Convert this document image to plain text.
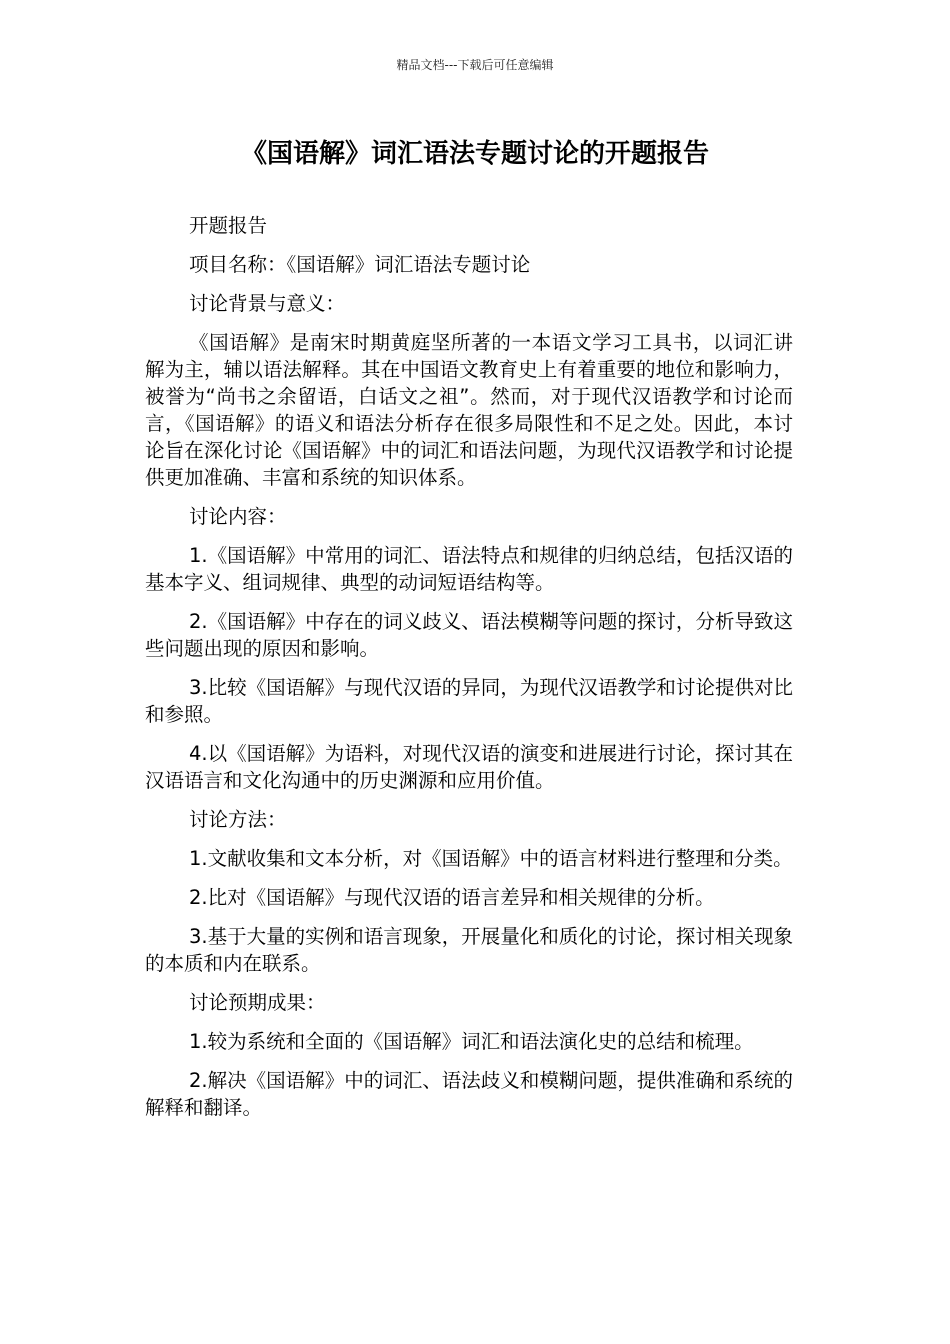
精品文档---下载后可任意编辑
《国语解》词汇语法专题讨论的开题报告

开题报告

项目名称：《国语解》词汇语法专题讨论

讨论背景与意义：

《国语解》是南宋时期黄庭坚所著的一本语文学习工具书，以词汇讲解为主，辅以语法解释。其在中国语文教育史上有着重要的地位和影响力，被誉为“尚书之余留语，白话文之祖”。然而，对于现代汉语教学和讨论而言，《国语解》的语义和语法分析存在很多局限性和不足之处。因此，本讨论旨在深化讨论《国语解》中的词汇和语法问题，为现代汉语教学和讨论提供更加准确、丰富和系统的知识体系。

讨论内容：

1.《国语解》中常用的词汇、语法特点和规律的归纳总结，包括汉语的基本字义、组词规律、典型的动词短语结构等。

2.《国语解》中存在的词义歧义、语法模糊等问题的探讨，分析导致这些问题出现的原因和影响。

3.比较《国语解》与现代汉语的异同，为现代汉语教学和讨论提供对比和参照。

4.以《国语解》为语料，对现代汉语的演变和进展进行讨论，探讨其在汉语语言和文化沟通中的历史渊源和应用价值。

讨论方法：

1.文献收集和文本分析，对《国语解》中的语言材料进行整理和分类。

2.比对《国语解》与现代汉语的语言差异和相关规律的分析。

3.基于大量的实例和语言现象，开展量化和质化的讨论，探讨相关现象的本质和内在联系。

讨论预期成果：

1.较为系统和全面的《国语解》词汇和语法演化史的总结和梳理。

2.解决《国语解》中的词汇、语法歧义和模糊问题，提供准确和系统的解释和翻译。
